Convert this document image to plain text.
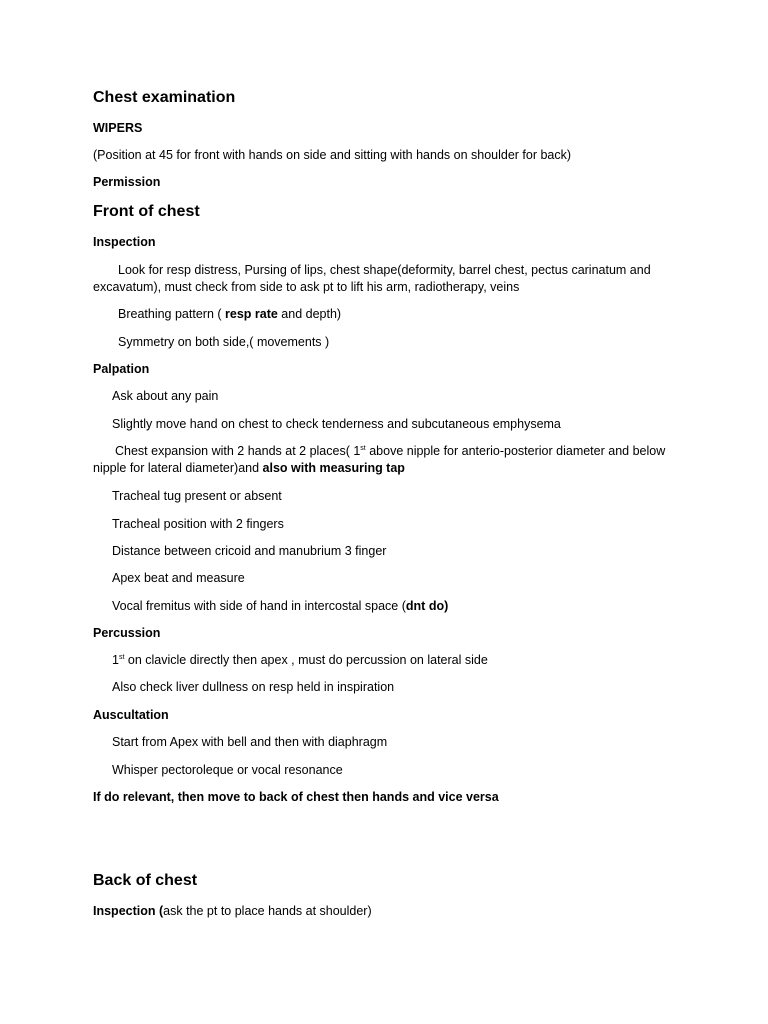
Chest examination
WIPERS
(Position at 45 for front with hands on side and sitting with hands on shoulder for back)
Permission
Front of chest
Inspection
Look for resp distress, Pursing of lips, chest shape(deformity, barrel chest, pectus carinatum and excavatum), must check from side to ask pt to lift his arm, radiotherapy, veins
Breathing pattern ( resp rate and depth)
Symmetry on both side,( movements )
Palpation
Ask about any pain
Slightly move hand on chest to check tenderness and subcutaneous emphysema
Chest expansion with 2 hands at 2 places( 1st above nipple for anterio-posterior diameter and below nipple for lateral diameter)and also with measuring tap
Tracheal tug present or absent
Tracheal position with 2 fingers
Distance between cricoid and manubrium 3 finger
Apex beat and measure
Vocal fremitus with side of hand in intercostal space (dnt do)
Percussion
1st on clavicle directly then apex , must do percussion on lateral side
Also check liver dullness on resp held in inspiration
Auscultation
Start from Apex with bell and then with diaphragm
Whisper pectoroleque or vocal resonance
If do relevant, then move to back of chest then hands and vice versa
Back of chest
Inspection (ask the pt to place hands at shoulder)
